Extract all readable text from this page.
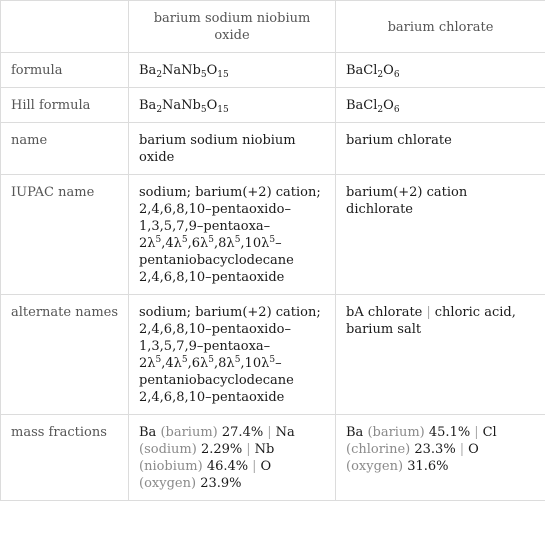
	barium sodium niobium oxide	barium chlorate
formula	$Ba_2NaNb_5O_{15}$	$BaCl_2O_6$
Hill formula	$Ba_2NaNb_5O_{15}$	$BaCl_2O_6$
name	barium sodium niobium oxide	barium chlorate
IUPAC name	sodium; barium(+2) cation; $2,4,6,8,10-pentaoxido-1,3,5,7,9-pentaoxa-2\lambda^5,4\lambda^5,6\lambda^5,8\lambda^5,10\lambda^5$–pentaniobacyclodecane 2,4,6,8,10–pentaoxide	barium(+2) cation dichlorate
alternate names	sodium; barium(+2) cation; $2,4,6,8,10-pentaoxido-1,3,5,7,9-pentaoxa-2\lambda^5,4\lambda^5,6\lambda^5,8\lambda^5,10\lambda^5$–pentaniobacyclodecane 2,4,6,8,10–pentaoxide	bA chlorate | chloric acid, barium salt
mass fractions	Ba (barium) 27.4% | Na (sodium) 2.29% | Nb (niobium) 46.4% | O (oxygen) 23.9%	Ba (barium) 45.1% | Cl (chlorine) 23.3% | O (oxygen) 31.6%
